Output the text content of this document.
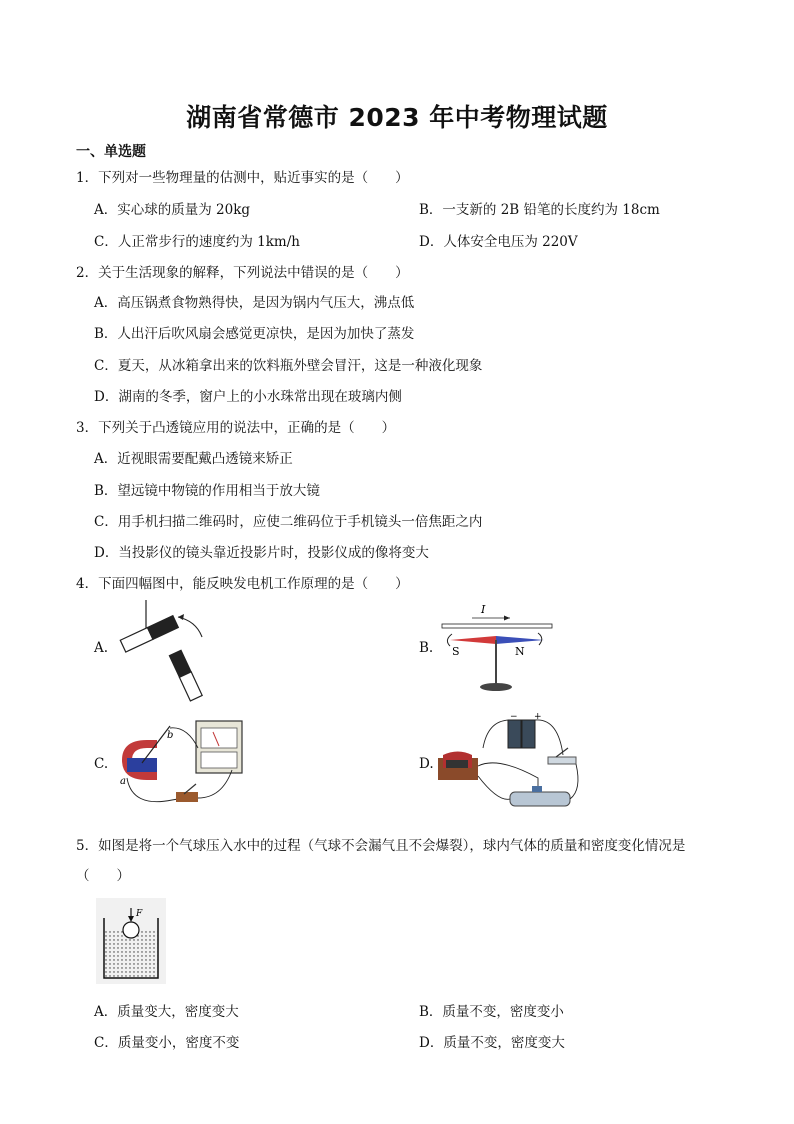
湖南省常德市 2023 年中考物理试题
一、单选题
1．下列对一些物理量的估测中，贴近事实的是（　　）
A．实心球的质量为 20kg	B．一支新的 2B 铅笔的长度约为 18cm
C．人正常步行的速度约为 1km/h	D．人体安全电压为 220V
2．关于生活现象的解释，下列说法中错误的是（　　）
A．高压锅煮食物熟得快，是因为锅内气压大，沸点低
B．人出汗后吹风扇会感觉更凉快，是因为加快了蒸发
C．夏天，从冰箱拿出来的饮料瓶外壁会冒汗，这是一种液化现象
D．湖南的冬季，窗户上的小水珠常出现在玻璃内侧
3．下列关于凸透镜应用的说法中，正确的是（　　）
A．近视眼需要配戴凸透镜来矫正
B．望远镜中物镜的作用相当于放大镜
C．用手机扫描二维码时，应使二维码位于手机镜头一倍焦距之内
D．当投影仪的镜头靠近投影片时，投影仪成的像将变大
4．下面四幅图中，能反映发电机工作原理的是（　　）
A.	B.
I
S	N
C.
b
a
D.
− +
5．如图是将一个气球压入水中的过程（气球不会漏气且不会爆裂），球内气体的质量和密度变化情况是
（　　）
F
A．质量变大，密度变大	B．质量不变，密度变小
C．质量变小，密度不变	D．质量不变，密度变大
